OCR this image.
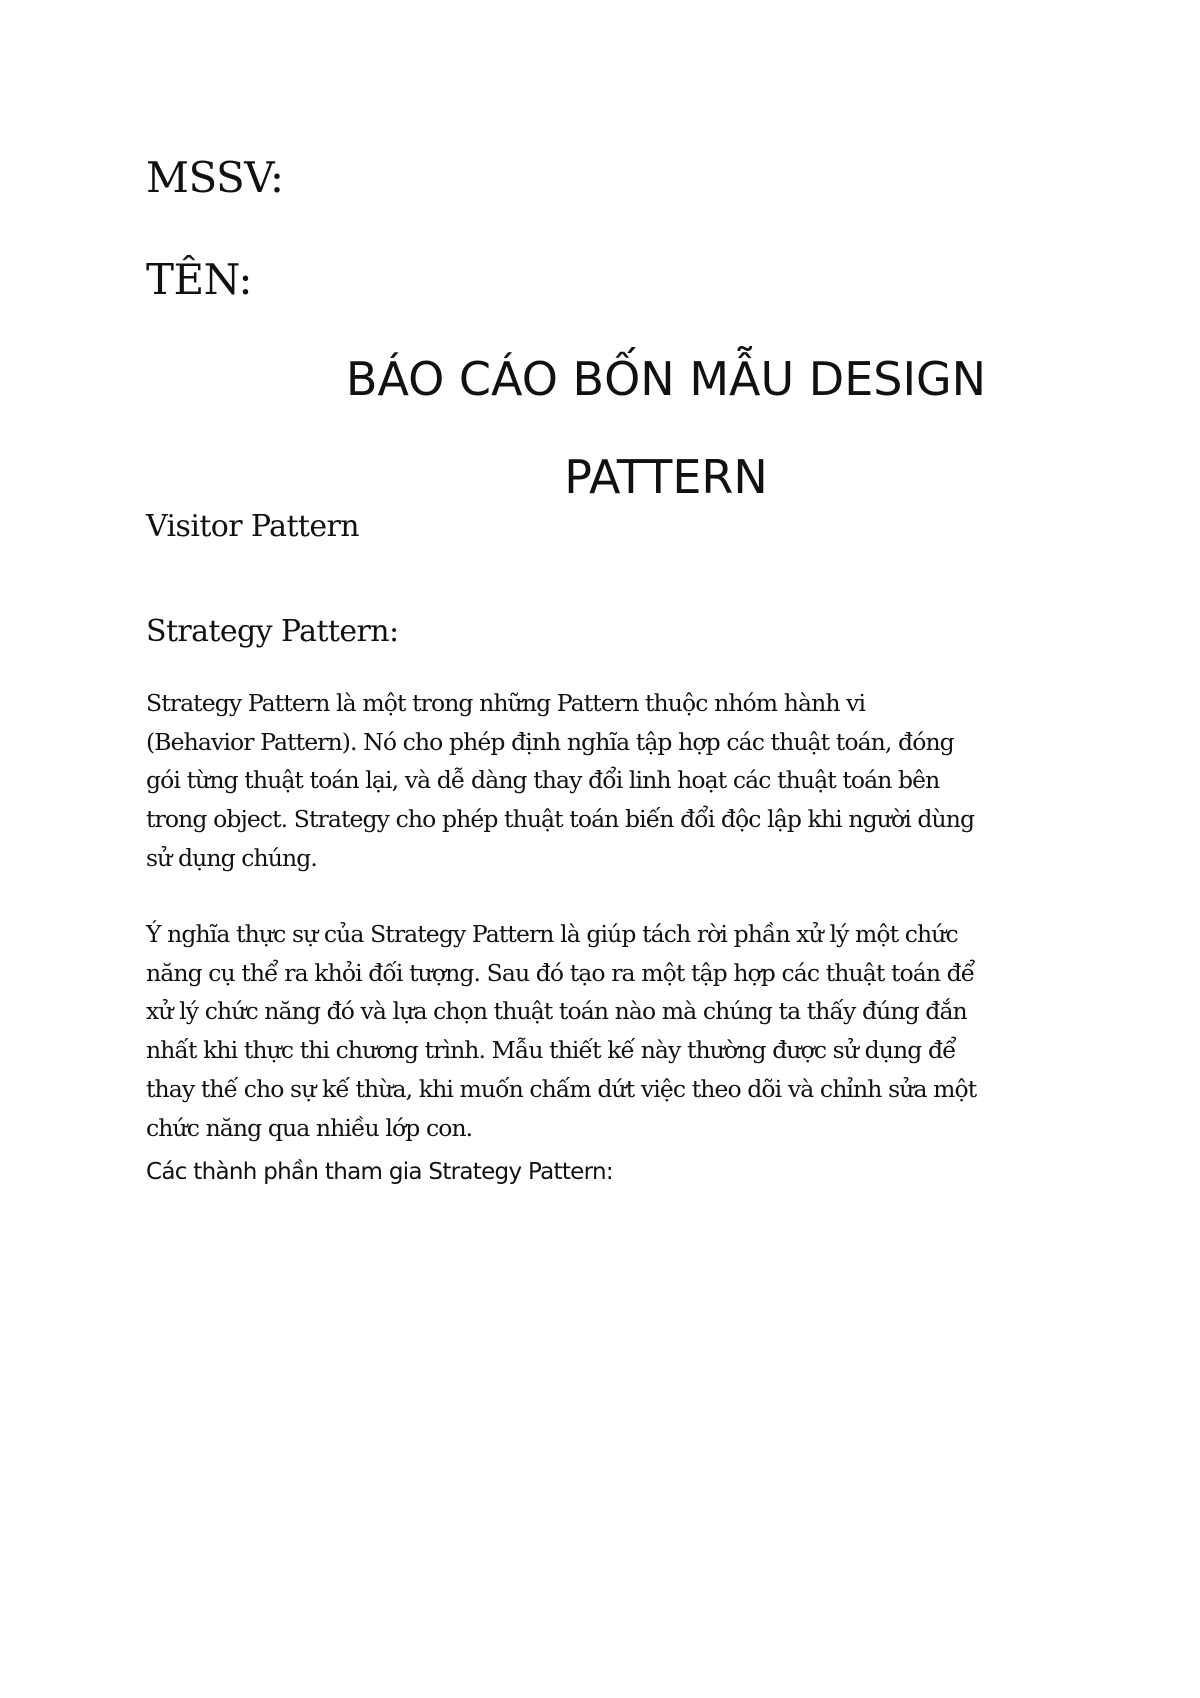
MSSV:
TÊN:
BÁO CÁO BỐN MẪU DESIGN
PATTERN
Visitor Pattern
Strategy Pattern:
Strategy Pattern là một trong những Pattern thuộc nhóm hành vi
(Behavior Pattern). Nó cho phép định nghĩa tập hợp các thuật toán, đóng
gói từng thuật toán lại, và dễ dàng thay đổi linh hoạt các thuật toán bên
trong object. Strategy cho phép thuật toán biến đổi độc lập khi người dùng
sử dụng chúng.
Ý nghĩa thực sự của Strategy Pattern là giúp tách rời phần xử lý một chức
năng cụ thể ra khỏi đối tượng. Sau đó tạo ra một tập hợp các thuật toán để
xử lý chức năng đó và lựa chọn thuật toán nào mà chúng ta thấy đúng đắn
nhất khi thực thi chương trình. Mẫu thiết kế này thường được sử dụng để
thay thế cho sự kế thừa, khi muốn chấm dứt việc theo dõi và chỉnh sửa một
chức năng qua nhiều lớp con.
Các thành phần tham gia Strategy Pattern:
